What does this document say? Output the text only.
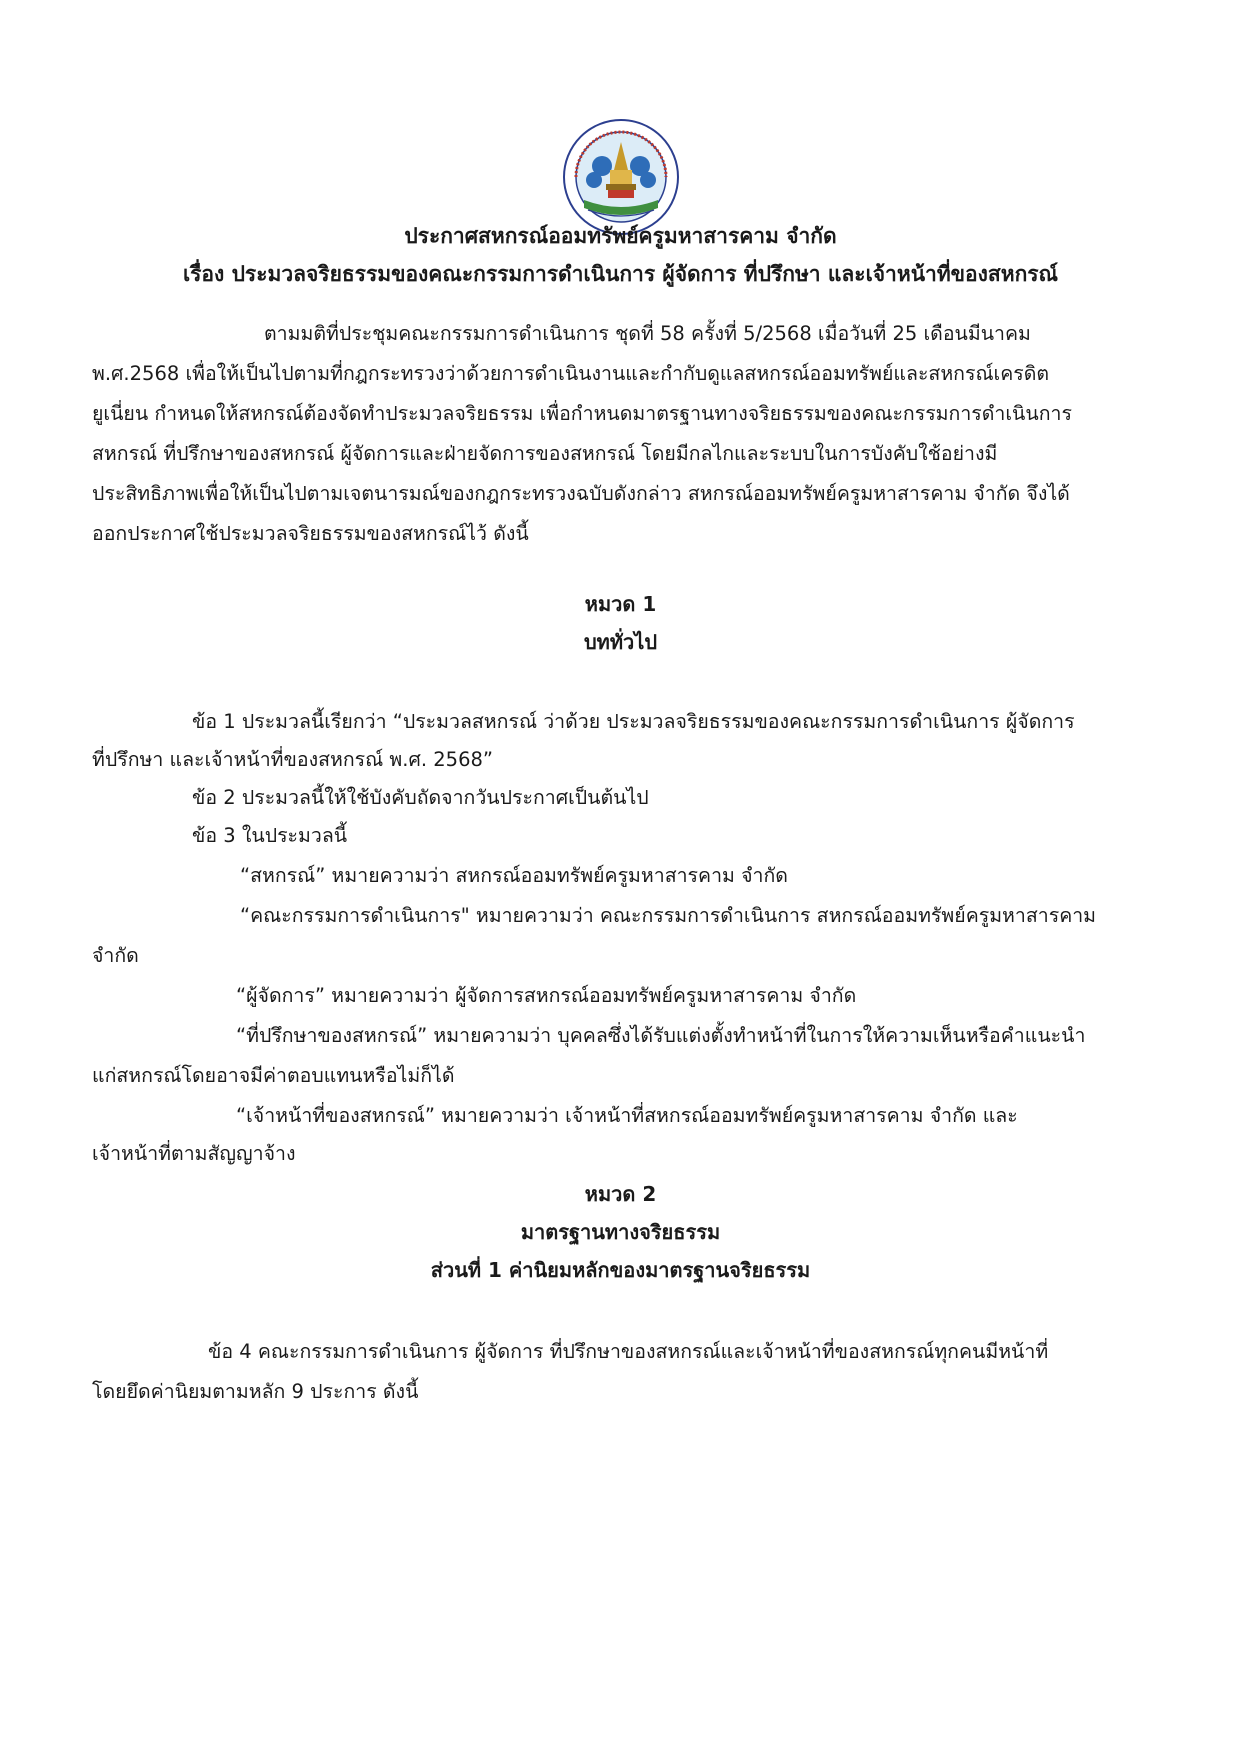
ประกาศสหกรณ์ออมทรัพย์ครูมหาสารคาม จำกัด
เรื่อง ประมวลจริยธรรมของคณะกรรมการดำเนินการ ผู้จัดการ ที่ปรึกษา และเจ้าหน้าที่ของสหกรณ์
ตามมติที่ประชุมคณะกรรมการดำเนินการ ชุดที่ 58 ครั้งที่ 5/2568 เมื่อวันที่ 25 เดือนมีนาคม
พ.ศ.2568 เพื่อให้เป็นไปตามที่กฎกระทรวงว่าด้วยการดำเนินงานและกำกับดูแลสหกรณ์ออมทรัพย์และสหกรณ์เครดิต
ยูเนี่ยน กำหนดให้สหกรณ์ต้องจัดทำประมวลจริยธรรม เพื่อกำหนดมาตรฐานทางจริยธรรมของคณะกรรมการดำเนินการ
สหกรณ์ ที่ปรึกษาของสหกรณ์ ผู้จัดการและฝ่ายจัดการของสหกรณ์ โดยมีกลไกและระบบในการบังคับใช้อย่างมี
ประสิทธิภาพเพื่อให้เป็นไปตามเจตนารมณ์ของกฎกระทรวงฉบับดังกล่าว สหกรณ์ออมทรัพย์ครูมหาสารคาม จำกัด จึงได้
ออกประกาศใช้ประมวลจริยธรรมของสหกรณ์ไว้ ดังนี้
หมวด 1
บททั่วไป
ข้อ 1 ประมวลนี้เรียกว่า “ประมวลสหกรณ์ ว่าด้วย ประมวลจริยธรรมของคณะกรรมการดำเนินการ ผู้จัดการ
ที่ปรึกษา และเจ้าหน้าที่ของสหกรณ์ พ.ศ. 2568”
ข้อ 2 ประมวลนี้ให้ใช้บังคับถัดจากวันประกาศเป็นต้นไป
ข้อ 3 ในประมวลนี้
“สหกรณ์” หมายความว่า สหกรณ์ออมทรัพย์ครูมหาสารคาม จำกัด
“คณะกรรมการดำเนินการ" หมายความว่า คณะกรรมการดำเนินการ สหกรณ์ออมทรัพย์ครูมหาสารคาม
จำกัด
“ผู้จัดการ” หมายความว่า ผู้จัดการสหกรณ์ออมทรัพย์ครูมหาสารคาม จำกัด
“ที่ปรึกษาของสหกรณ์” หมายความว่า บุคคลซึ่งได้รับแต่งตั้งทำหน้าที่ในการให้ความเห็นหรือคำแนะนำ
แก่สหกรณ์โดยอาจมีค่าตอบแทนหรือไม่ก็ได้
“เจ้าหน้าที่ของสหกรณ์” หมายความว่า เจ้าหน้าที่สหกรณ์ออมทรัพย์ครูมหาสารคาม จำกัด และ
เจ้าหน้าที่ตามสัญญาจ้าง
หมวด 2
มาตรฐานทางจริยธรรม
ส่วนที่ 1 ค่านิยมหลักของมาตรฐานจริยธรรม
ข้อ 4 คณะกรรมการดำเนินการ ผู้จัดการ ที่ปรึกษาของสหกรณ์และเจ้าหน้าที่ของสหกรณ์ทุกคนมีหน้าที่
โดยยึดค่านิยมตามหลัก 9 ประการ ดังนี้
